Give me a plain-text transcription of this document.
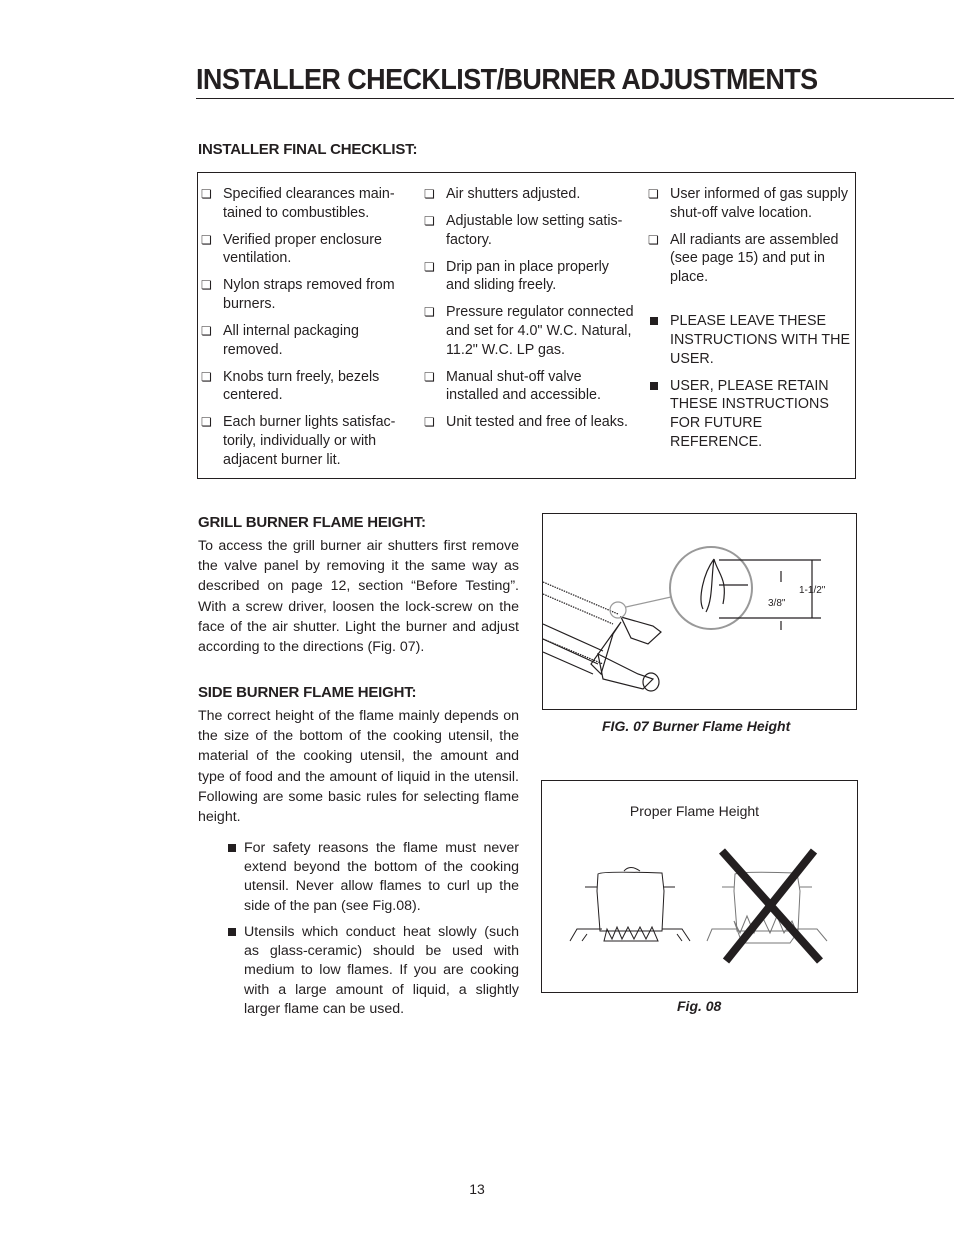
INSTALLER CHECKLIST/BURNER ADJUSTMENTS
INSTALLER FINAL CHECKLIST:
❏ Specified clearances main-tained to combustibles.
❏ Verified proper enclosure ventilation.
❏ Nylon straps removed from burners.
❏ All internal packaging removed.
❏ Knobs turn freely, bezels centered.
❏ Each burner lights satisfac-torily, individually or with adjacent burner lit.
❏ Air shutters adjusted.
❏ Adjustable low setting satis-factory.
❏ Drip pan in place properly and sliding freely.
❏ Pressure regulator connected and set for 4.0" W.C. Natural, 11.2" W.C. LP gas.
❏ Manual shut-off valve installed and accessible.
❏ Unit tested and free of leaks.
❏ User informed of gas supply shut-off valve location.
❏ All radiants are assembled (see page 15) and put in place.
PLEASE LEAVE THESE INSTRUCTIONS WITH THE USER.
USER, PLEASE RETAIN THESE INSTRUCTIONS FOR FUTURE REFERENCE.
GRILL BURNER FLAME HEIGHT:
To access the grill burner air shutters first remove the valve panel by removing it the same way as described on page 12, section “Before Testing”. With a screw driver, loosen the lock-screw on the face of the air shutter. Light the burner and adjust according to the directions (Fig. 07).
SIDE BURNER FLAME HEIGHT:
The correct height of the flame mainly depends on the size of the bottom of the cooking utensil, the material of the cooking utensil, the amount and type of food and the amount of liquid in the utensil. Following are some basic rules for selecting flame height.
For safety reasons the flame must never extend beyond the bottom of the cooking utensil. Never allow flames to curl up the side of the pan (see Fig.08).
Utensils which conduct heat slowly (such as glass-ceramic) should be used with medium to low flames. If you are cooking with a large amount of liquid, a slightly larger flame can be used.
1-1/2"
3/8"
FIG. 07 Burner Flame Height
Proper Flame Height
Fig. 08
13
